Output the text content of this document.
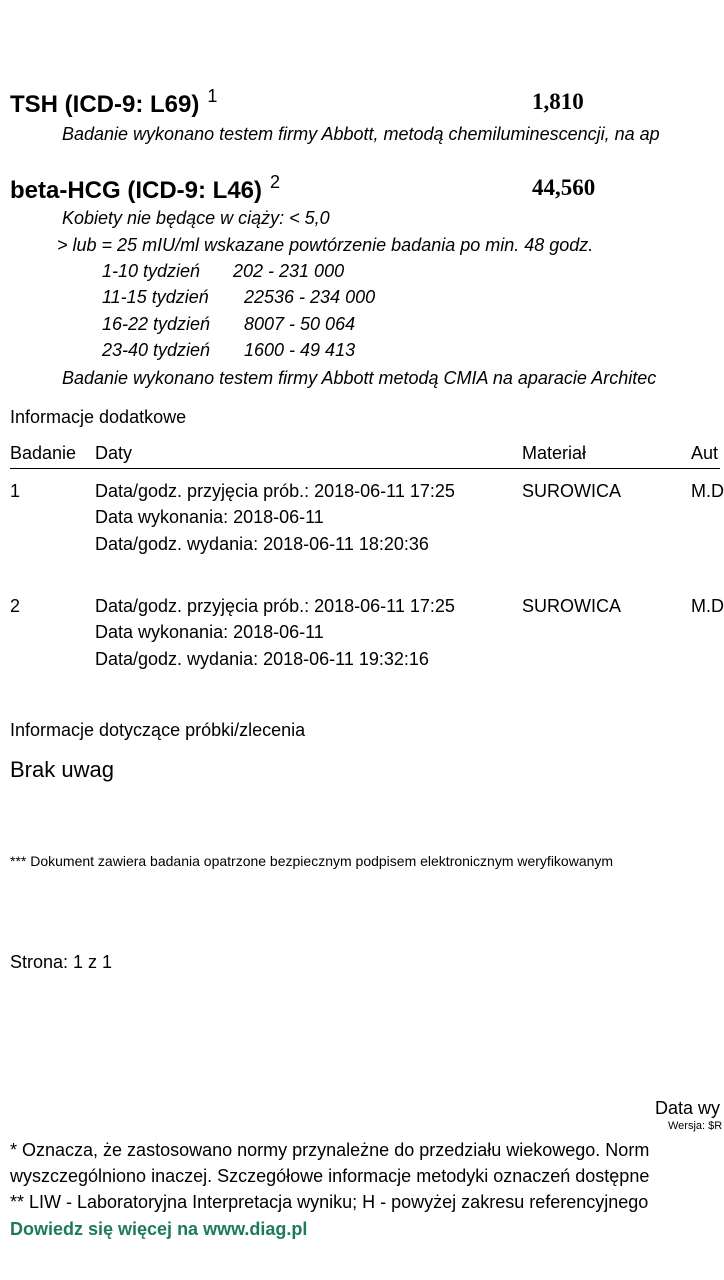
TSH (ICD-9: L69) $^1$	1,810
Badanie wykonano testem firmy Abbott, metodą chemiluminescencji, na ap
beta-HCG (ICD-9: L46) $^2$	44,560
Kobiety nie będące w ciąży: < 5,0
> lub = 25 mIU/ml wskazane powtórzenie badania po min. 48 godz.
1-10 tydzień 202 - 231 000
11-15 tydzień 22536 - 234 000
16-22 tydzień 8007 - 50 064
23-40 tydzień 1600 - 49 413
Badanie wykonano testem firmy Abbott metodą CMIA na aparacie Architec
Informacje dodatkowe
Badanie Daty	Materiał	Aut
1	Data/godz. przyjęcia prób.: 2018-06-11 17:25
Data wykonania: 2018-06-11
Data/godz. wydania: 2018-06-11 18:20:36
SUROWICA	M.D
2	Data/godz. przyjęcia prób.: 2018-06-11 17:25
Data wykonania: 2018-06-11
Data/godz. wydania: 2018-06-11 19:32:16
SUROWICA	M.D
Informacje dotyczące próbki/zlecenia
Brak uwag
*** Dokument zawiera badania opatrzone bezpiecznym podpisem elektronicznym weryfikowanym
Strona: 1 z 1
Data wy
Wersja: $R
* Oznacza, że zastosowano normy przynależne do przedziału wiekowego. Norm
wyszczególniono inaczej. Szczegółowe informacje metodyki oznaczeń dostępne
** LIW - Laboratoryjna Interpretacja wyniku; H - powyżej zakresu referencyjnego
Dowiedz się więcej na www.diag.pl
